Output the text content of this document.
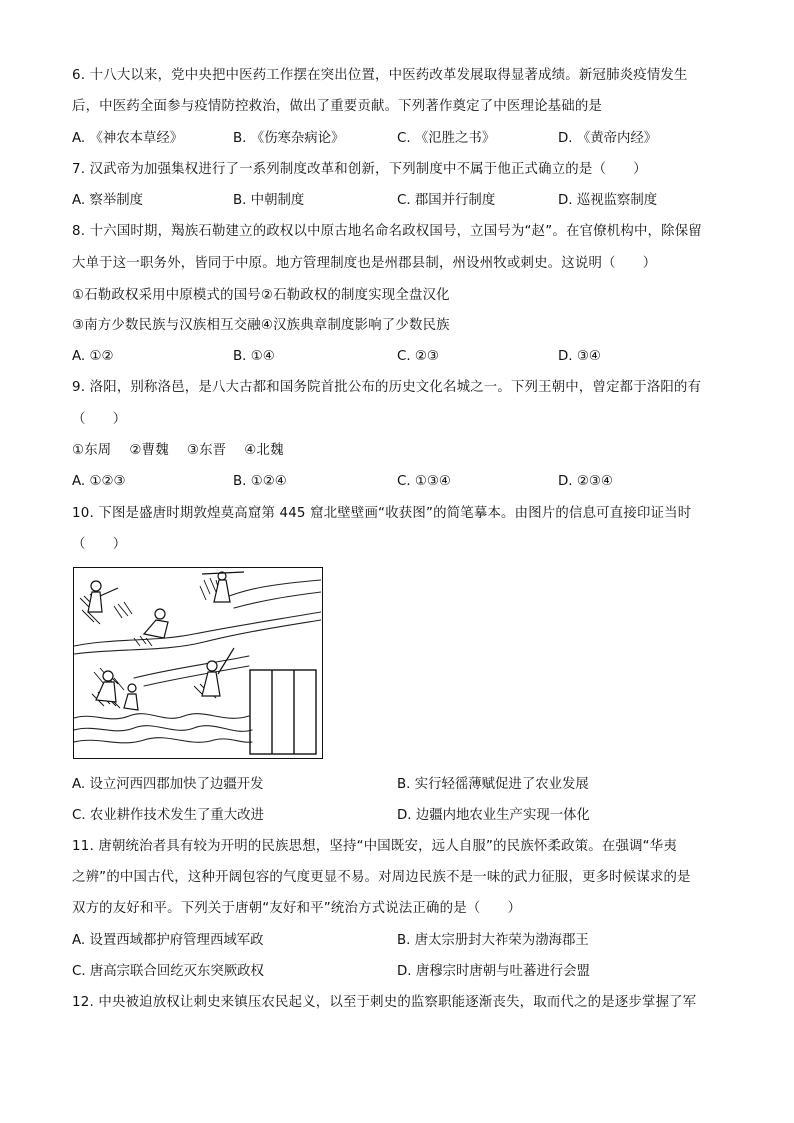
6. 十八大以来，党中央把中医药工作摆在突出位置，中医药改革发展取得显著成绩。新冠肺炎疫情发生
后，中医药全面参与疫情防控救治，做出了重要贡献。下列著作奠定了中医理论基础的是
A. 《神农本草经》	B. 《伤寒杂病论》	C. 《氾胜之书》	D. 《黄帝内经》
7. 汉武帝为加强集权进行了一系列制度改革和创新，下列制度中不属于他正式确立的是（　　）
A. 察举制度	B. 中朝制度	C. 郡国并行制度	D. 巡视监察制度
8. 十六国时期，羯族石勒建立的政权以中原古地名命名政权国号，立国号为“赵”。在官僚机构中，除保留
大单于这一职务外，皆同于中原。地方管理制度也是州郡县制，州设州牧或刺史。这说明（　　）
①石勒政权采用中原模式的国号②石勒政权的制度实现全盘汉化
③南方少数民族与汉族相互交融④汉族典章制度影响了少数民族
A. ①②	B. ①④	C. ②③	D. ③④
9. 洛阳，别称洛邑，是八大古都和国务院首批公布的历史文化名城之一。下列王朝中，曾定都于洛阳的有
（　　）
①东周　 ②曹魏　 ③东晋　 ④北魏
A. ①②③	B. ①②④	C. ①③④	D. ②③④
10. 下图是盛唐时期敦煌莫高窟第 445 窟北壁壁画“收获图”的简笔摹本。由图片的信息可直接印证当时
（　　）
A. 设立河西四郡加快了边疆开发	B. 实行轻徭薄赋促进了农业发展
C. 农业耕作技术发生了重大改进	D. 边疆内地农业生产实现一体化
11. 唐朝统治者具有较为开明的民族思想，坚持“中国既安，远人自服”的民族怀柔政策。在强调“华夷
之辨”的中国古代，这种开阔包容的气度更显不易。对周边民族不是一味的武力征服，更多时候谋求的是
双方的友好和平。下列关于唐朝“友好和平”统治方式说法正确的是（　　）
A. 设置西域都护府管理西域军政	B. 唐太宗册封大祚荣为渤海郡王
C. 唐高宗联合回纥灭东突厥政权	D. 唐穆宗时唐朝与吐蕃进行会盟
12. 中央被迫放权让刺史来镇压农民起义，以至于刺史的监察职能逐渐丧失，取而代之的是逐步掌握了军
